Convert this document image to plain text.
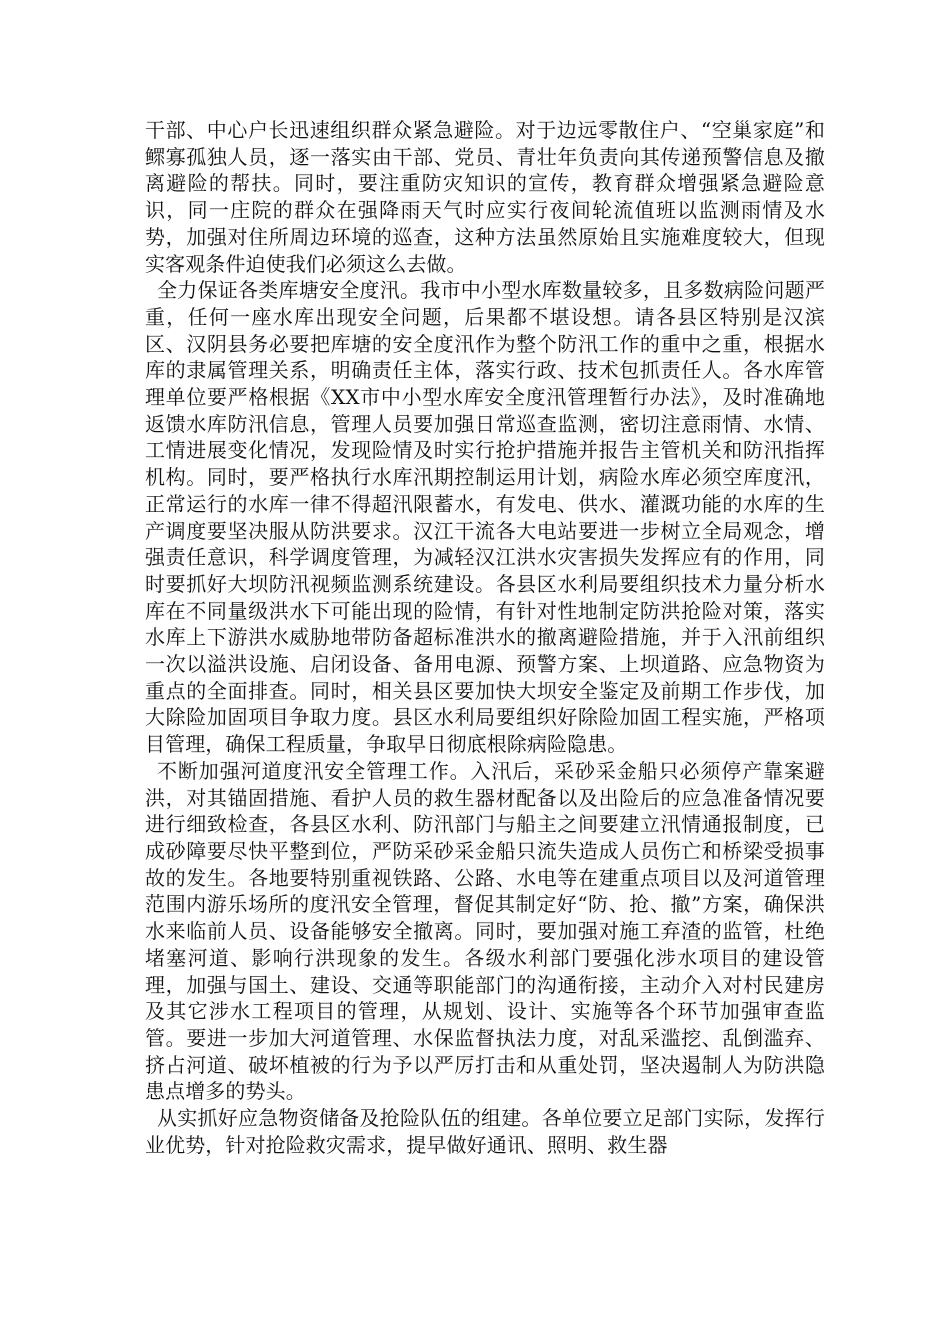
干部、中心户长迅速组织群众紧急避险。对于边远零散住户、“空巢家庭”和鳏寡孤独人员，逐一落实由干部、党员、青壮年负责向其传递预警信息及撤离避险的帮扶。同时，要注重防灾知识的宣传，教育群众增强紧急避险意识，同一庄院的群众在强降雨天气时应实行夜间轮流值班以监测雨情及水势，加强对住所周边环境的巡查，这种方法虽然原始且实施难度较大，但现实客观条件迫使我们必须这么去做。

全力保证各类库塘安全度汛。我市中小型水库数量较多，且多数病险问题严重，任何一座水库出现安全问题，后果都不堪设想。请各县区特别是汉滨区、汉阴县务必要把库塘的安全度汛作为整个防汛工作的重中之重，根据水库的隶属管理关系，明确责任主体，落实行政、技术包抓责任人。各水库管理单位要严格根据《XX市中小型水库安全度汛管理暂行办法》，及时准确地返馈水库防汛信息，管理人员要加强日常巡查监测，密切注意雨情、水情、工情进展变化情况，发现险情及时实行抢护措施并报告主管机关和防汛指挥机构。同时，要严格执行水库汛期控制运用计划，病险水库必须空库度汛，正常运行的水库一律不得超汛限蓄水，有发电、供水、灌溉功能的水库的生产调度要坚决服从防洪要求。汉江干流各大电站要进一步树立全局观念，增强责任意识，科学调度管理，为减轻汉江洪水灾害损失发挥应有的作用，同时要抓好大坝防汛视频监测系统建设。各县区水利局要组织技术力量分析水库在不同量级洪水下可能出现的险情，有针对性地制定防洪抢险对策，落实水库上下游洪水威胁地带防备超标准洪水的撤离避险措施，并于入汛前组织一次以溢洪设施、启闭设备、备用电源、预警方案、上坝道路、应急物资为重点的全面排查。同时，相关县区要加快大坝安全鉴定及前期工作步伐，加大除险加固项目争取力度。县区水利局要组织好除险加固工程实施，严格项目管理，确保工程质量，争取早日彻底根除病险隐患。

不断加强河道度汛安全管理工作。入汛后，采砂采金船只必须停产靠案避洪，对其锚固措施、看护人员的救生器材配备以及出险后的应急准备情况要进行细致检查，各县区水利、防汛部门与船主之间要建立汛情通报制度，已成砂障要尽快平整到位，严防采砂采金船只流失造成人员伤亡和桥梁受损事故的发生。各地要特别重视铁路、公路、水电等在建重点项目以及河道管理范围内游乐场所的度汛安全管理，督促其制定好“防、抢、撤”方案，确保洪水来临前人员、设备能够安全撤离。同时，要加强对施工弃渣的监管，杜绝堵塞河道、影响行洪现象的发生。各级水利部门要强化涉水项目的建设管理，加强与国土、建设、交通等职能部门的沟通衔接，主动介入对村民建房及其它涉水工程项目的管理，从规划、设计、实施等各个环节加强审查监管。要进一步加大河道管理、水保监督执法力度，对乱采滥挖、乱倒滥弃、挤占河道、破坏植被的行为予以严厉打击和从重处罚，坚决遏制人为防洪隐患点增多的势头。

从实抓好应急物资储备及抢险队伍的组建。各单位要立足部门实际，发挥行业优势，针对抢险救灾需求，提早做好通讯、照明、救生器
